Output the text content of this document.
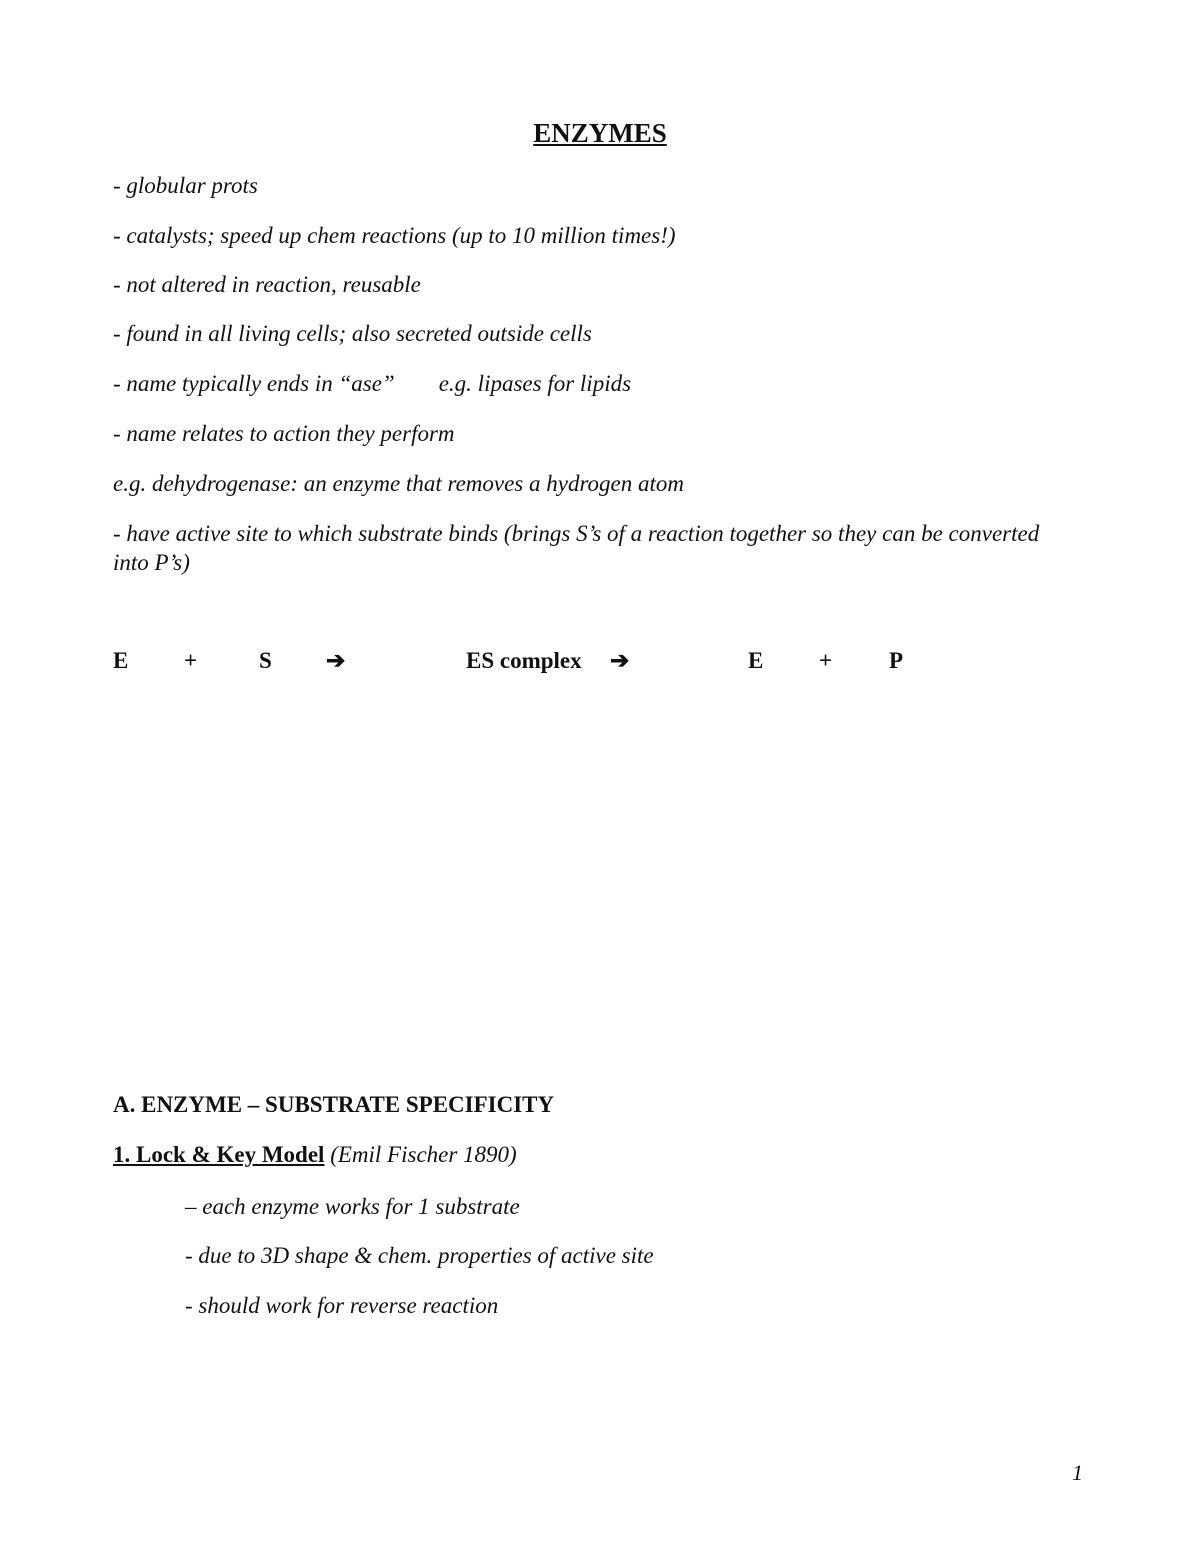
ENZYMES
- globular prots
- catalysts; speed up chem reactions (up to 10 million times!)
- not altered in reaction, reusable
- found in all living cells; also secreted outside cells
- name typically ends in “ase” e.g. lipases for lipids
- name relates to action they perform
e.g. dehydrogenase: an enzyme that removes a hydrogen atom
- have active site to which substrate binds (brings S’s of a reaction together so they can be converted into P’s)
E +	S ➔	ES complex ➔	E + P
A. ENZYME – SUBSTRATE SPECIFICITY
1. Lock & Key Model (Emil Fischer 1890)
– each enzyme works for 1 substrate
- due to 3D shape & chem. properties of active site
- should work for reverse reaction
1
